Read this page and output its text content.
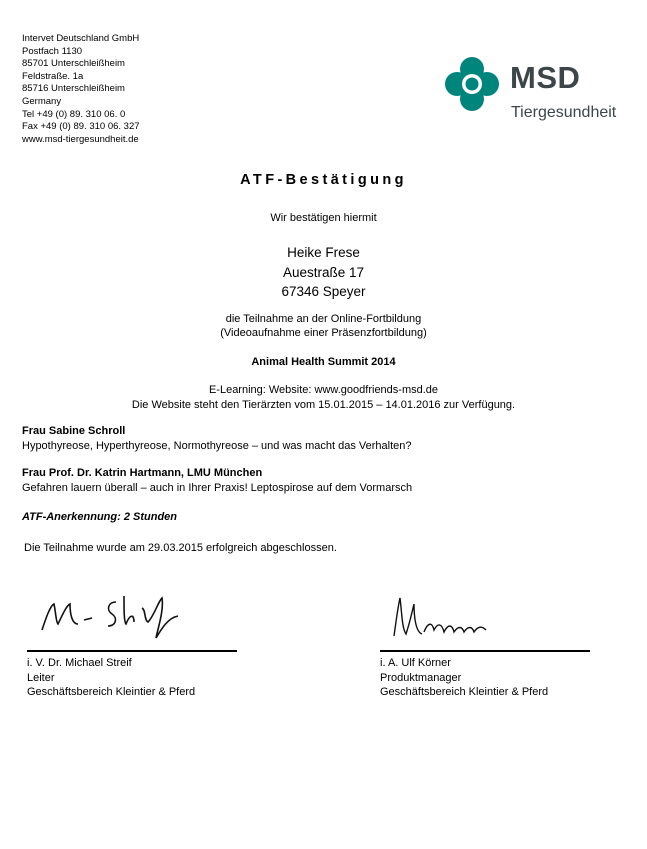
Intervet Deutschland GmbH
Postfach 1130
85701 Unterschleißheim
Feldstraße. 1a
85716 Unterschleißheim
Germany
Tel +49 (0) 89. 310 06. 0
Fax +49 (0) 89. 310 06. 327
www.msd-tiergesundheit.de
MSD
Tiergesundheit
ATF-Bestätigung
Wir bestätigen hiermit
Heike Frese
Auestraße 17
67346 Speyer
die Teilnahme an der Online-Fortbildung
(Videoaufnahme einer Präsenzfortbildung)
Animal Health Summit 2014
E-Learning: Website: www.goodfriends-msd.de
Die Website steht den Tierärzten vom 15.01.2015 – 14.01.2016 zur Verfügung.
Frau Sabine Schroll
Hypothyreose, Hyperthyreose, Normothyreose – und was macht das Verhalten?
Frau Prof. Dr. Katrin Hartmann, LMU München
Gefahren lauern überall – auch in Ihrer Praxis! Leptospirose auf dem Vormarsch
ATF-Anerkennung: 2 Stunden
Die Teilnahme wurde am 29.03.2015 erfolgreich abgeschlossen.
i. V. Dr. Michael Streif
Leiter
Geschäftsbereich Kleintier & Pferd
i. A. Ulf Körner
Produktmanager
Geschäftsbereich Kleintier & Pferd
